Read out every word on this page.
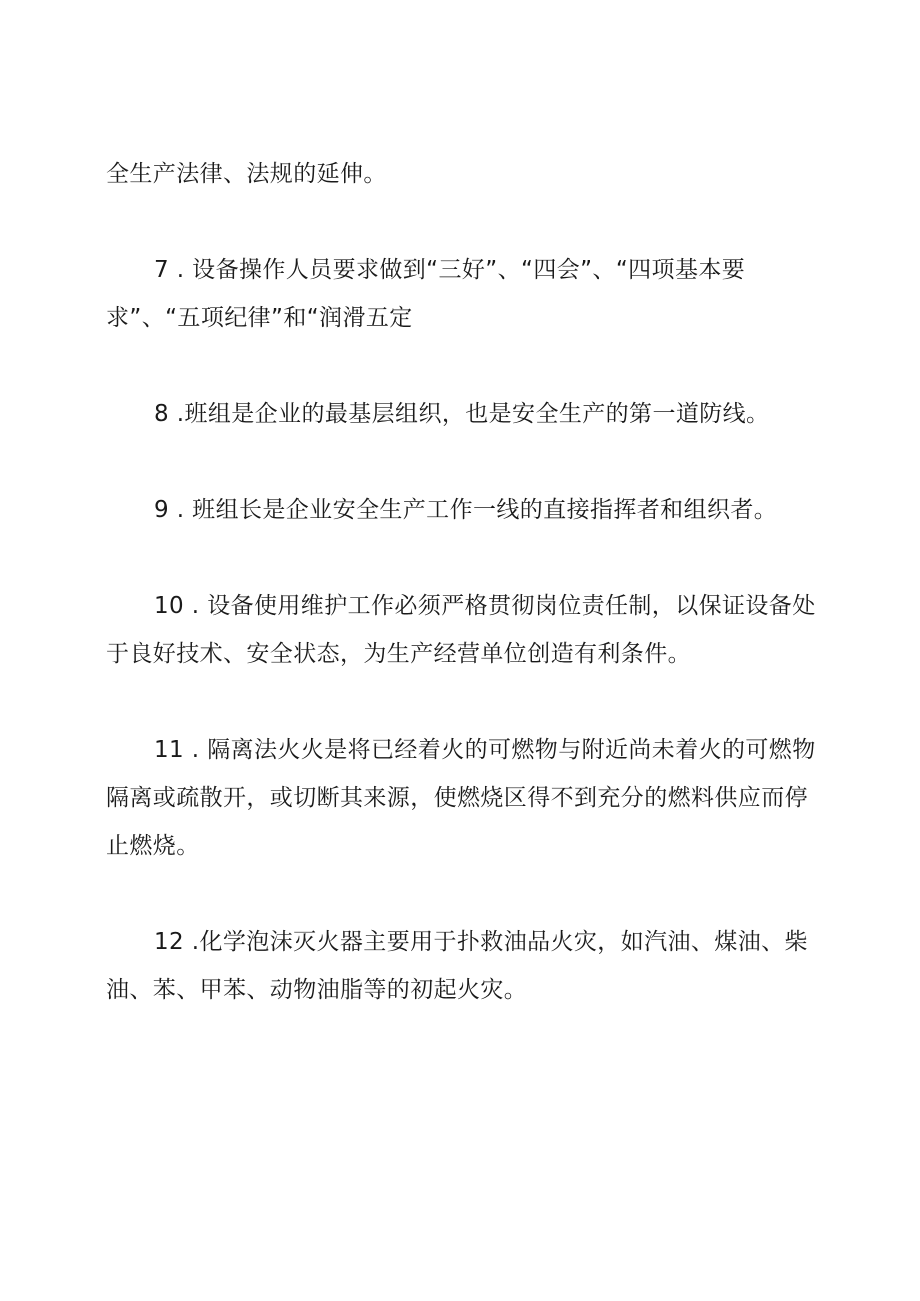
全生产法律、法规的延伸。

7 . 设备操作人员要求做到“三好”、“四会”、“四项基本要求”、“五项纪律”和“润滑五定

8 .班组是企业的最基层组织，也是安全生产的第一道防线。

9 . 班组长是企业安全生产工作一线的直接指挥者和组织者。

10 . 设备使用维护工作必须严格贯彻岗位责任制，以保证设备处于良好技术、安全状态，为生产经营单位创造有利条件。

11 . 隔离法火火是将已经着火的可燃物与附近尚未着火的可燃物隔离或疏散开，或切断其来源，使燃烧区得不到充分的燃料供应而停止燃烧。

12 .化学泡沫灭火器主要用于扑救油品火灾，如汽油、煤油、柴油、苯、甲苯、动物油脂等的初起火灾。
